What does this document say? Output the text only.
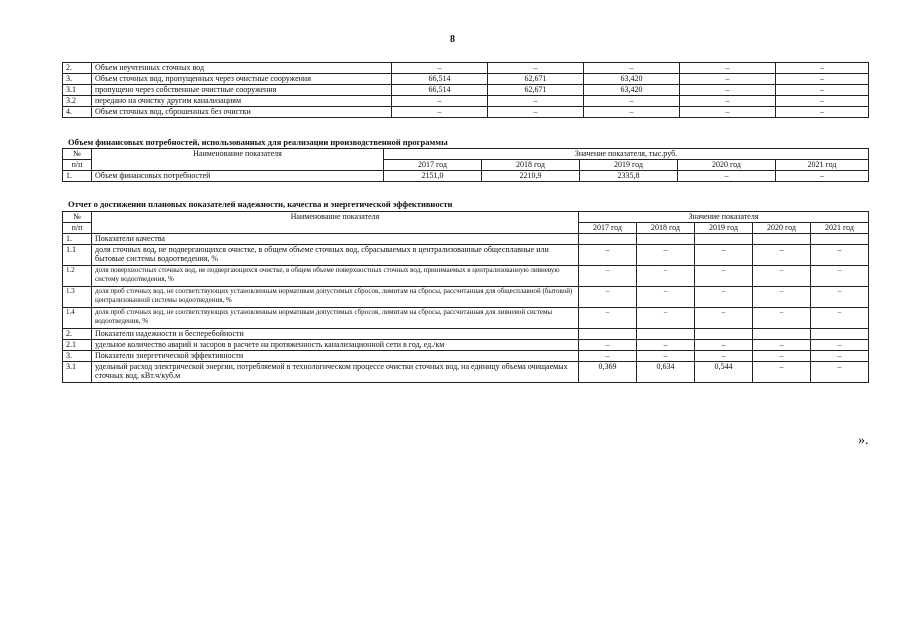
8
2.	Объем неучтенных сточных вод	–	–	–	–	–
3.	Объем сточных вод, пропущенных через очистные сооружения	66,514	62,671	63,420	–	–
3.1	пропущено через собственные очистные сооружения	66,514	62,671	63,420	–	–
3.2	передано на очистку другим канализациям	–	–	–	–	–
4.	Объем сточных вод, сброшенных без очистки	–	–	–	–	–
Объем финансовых потребностей, использованных для реализации производственной программы
№	Наименование показателя	Значение показателя, тыс.руб.				
п/п		2017 год	2018 год	2019 год	2020 год	2021 год
1.	Объем финансовых потребностей	2151,0	2210,9	2335,8	–	–
Отчет о достижении плановых показателей надежности, качества и энергетической эффективности
№	Наименование показателя	Значение показателя				
п/п		2017 год	2018 год	2019 год	2020 год	2021 год
1.	Показатели качества					
1.1	доля сточных вод, не подвергающихся очистке, в общем объеме сточных вод, сбрасываемых в централизованные общесплавные или бытовые системы водоотведения, %	–	–	–	–	–
1.2	доля поверхностных сточных вод, не подвергающихся очистке, в общем объеме поверхностных сточных вод, принимаемых в централизованную ливневую систему водоотведения, %	–	–	–	–	–
1.3	доля проб сточных вод, не соответствующих установленным нормативам допустимых сбросов, лимитам на сбросы, рассчитанная для общесплавной (бытовой) централизованной системы водоотведения, %	–	–	–	–	–
1.4	доля проб сточных вод, не соответствующих установленным нормативам допустимых сбросов, лимитам на сбросы, рассчитанная для ливневой системы водоотведения, %	–	–	–	–	–
2.	Показатели надежности и бесперебойности					
2.1	удельное количество аварий и засоров в расчете на протяженность канализационной сети в год, ед./км	–	–	–	–	–
3.	Показатели энергетической эффективности	–	–	–	–	–
3.1	удельный расход электрической энергии, потребляемой в технологическом процессе очистки сточных вод, на единицу объема очищаемых сточных вод, кВт.ч/куб.м	0,369	0,634	0,544	–	–
».
